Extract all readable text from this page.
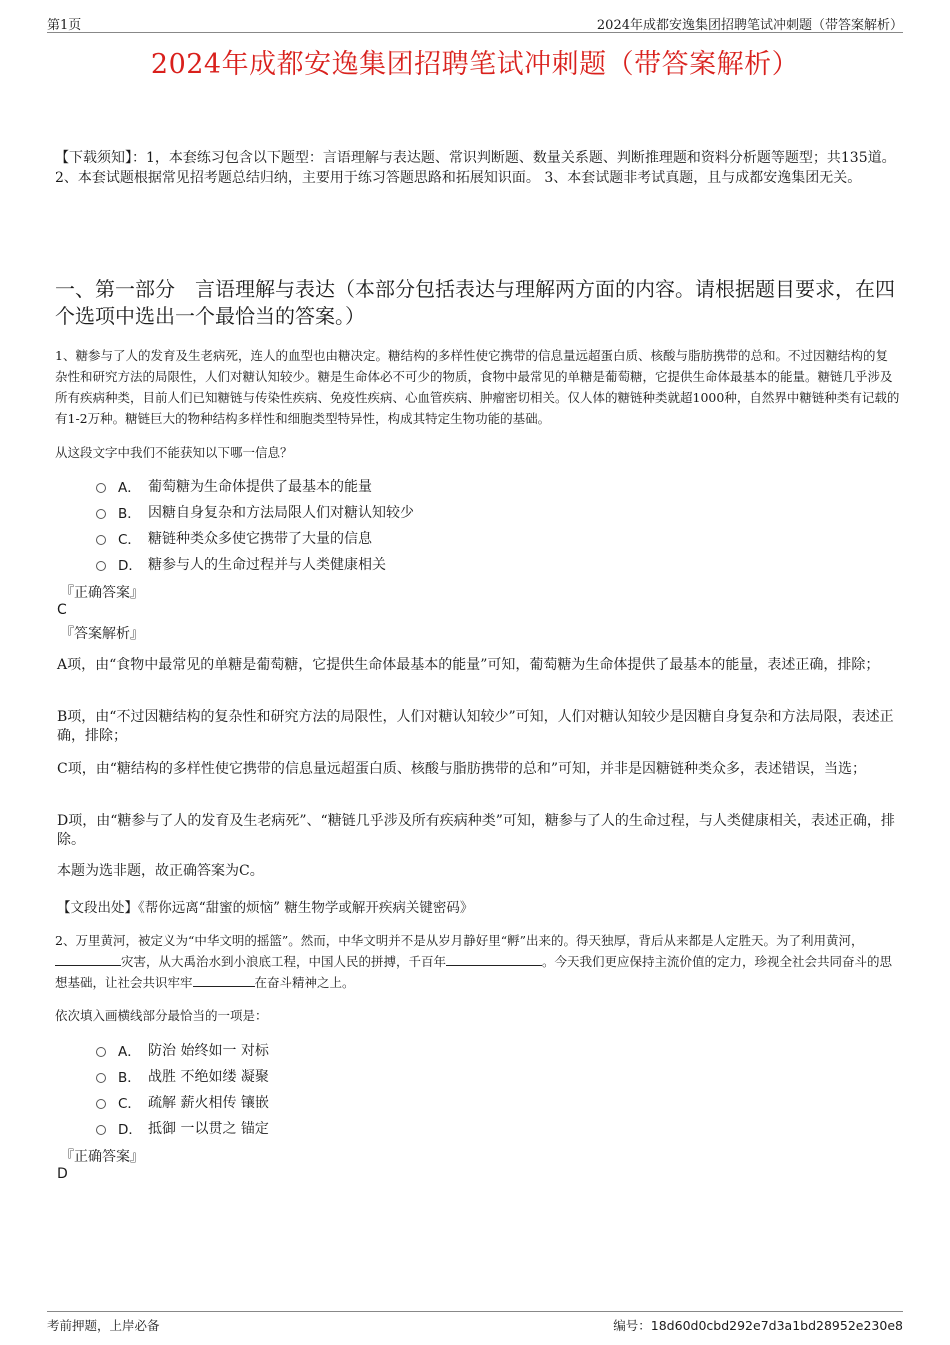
第1页	2024年成都安逸集团招聘笔试冲刺题（带答案解析）
2024年成都安逸集团招聘笔试冲刺题（带答案解析）
【下载须知】：1，本套练习包含以下题型：言语理解与表达题、常识判断题、数量关系题、判断推理题和资料分析题等题型；共135道。 2、本套试题根据常见招考题总结归纳，主要用于练习答题思路和拓展知识面。 3、本套试题非考试真题，且与成都安逸集团无关。
一、第一部分　言语理解与表达（本部分包括表达与理解两方面的内容。请根据题目要求，在四个选项中选出一个最恰当的答案。）
1、糖参与了人的发育及生老病死，连人的血型也由糖决定。糖结构的多样性使它携带的信息量远超蛋白质、核酸与脂肪携带的总和。不过因糖结构的复杂性和研究方法的局限性，人们对糖认知较少。糖是生命体必不可少的物质，食物中最常见的单糖是葡萄糖，它提供生命体最基本的能量。糖链几乎涉及所有疾病种类，目前人们已知糖链与传染性疾病、免疫性疾病、心血管疾病、肿瘤密切相关。仅人体的糖链种类就超1000种，自然界中糖链种类有记载的有1-2万种。糖链巨大的物种结构多样性和细胞类型特异性，构成其特定生物功能的基础。
从这段文字中我们不能获知以下哪一信息？
A． 葡萄糖为生命体提供了最基本的能量
B． 因糖自身复杂和方法局限人们对糖认知较少
C． 糖链种类众多使它携带了大量的信息
D． 糖参与人的生命过程并与人类健康相关
『正确答案』
C
『答案解析』
A项，由“食物中最常见的单糖是葡萄糖，它提供生命体最基本的能量”可知，葡萄糖为生命体提供了最基本的能量，表述正确，排除；
B项，由“不过因糖结构的复杂性和研究方法的局限性，人们对糖认知较少”可知，人们对糖认知较少是因糖自身复杂和方法局限，表述正确，排除；
C项，由“糖结构的多样性使它携带的信息量远超蛋白质、核酸与脂肪携带的总和”可知，并非是因糖链种类众多，表述错误，当选；
D项，由“糖参与了人的发育及生老病死”、“糖链几乎涉及所有疾病种类”可知，糖参与了人的生命过程，与人类健康相关，表述正确，排除。
本题为选非题，故正确答案为C。
【文段出处】《帮你远离“甜蜜的烦恼” 糖生物学或解开疾病关键密码》
2、万里黄河，被定义为“中华文明的摇篮”。然而，中华文明并不是从岁月静好里“孵”出来的。得天独厚，背后从来都是人定胜天。为了利用黄河，灾害，从大禹治水到小浪底工程，中国人民的拼搏，千百年	。今天我们更应保持主流价值的定力，珍视全社会共同奋斗的思想基础，让社会共识牢牢	在奋斗精神之上。
依次填入画横线部分最恰当的一项是：
A． 防治 始终如一 对标
B． 战胜 不绝如缕 凝聚
C． 疏解 薪火相传 镶嵌
D． 抵御 一以贯之 锚定
『正确答案』
D
考前押题，上岸必备	编号：18d60d0cbd292e7d3a1bd28952e230e8
